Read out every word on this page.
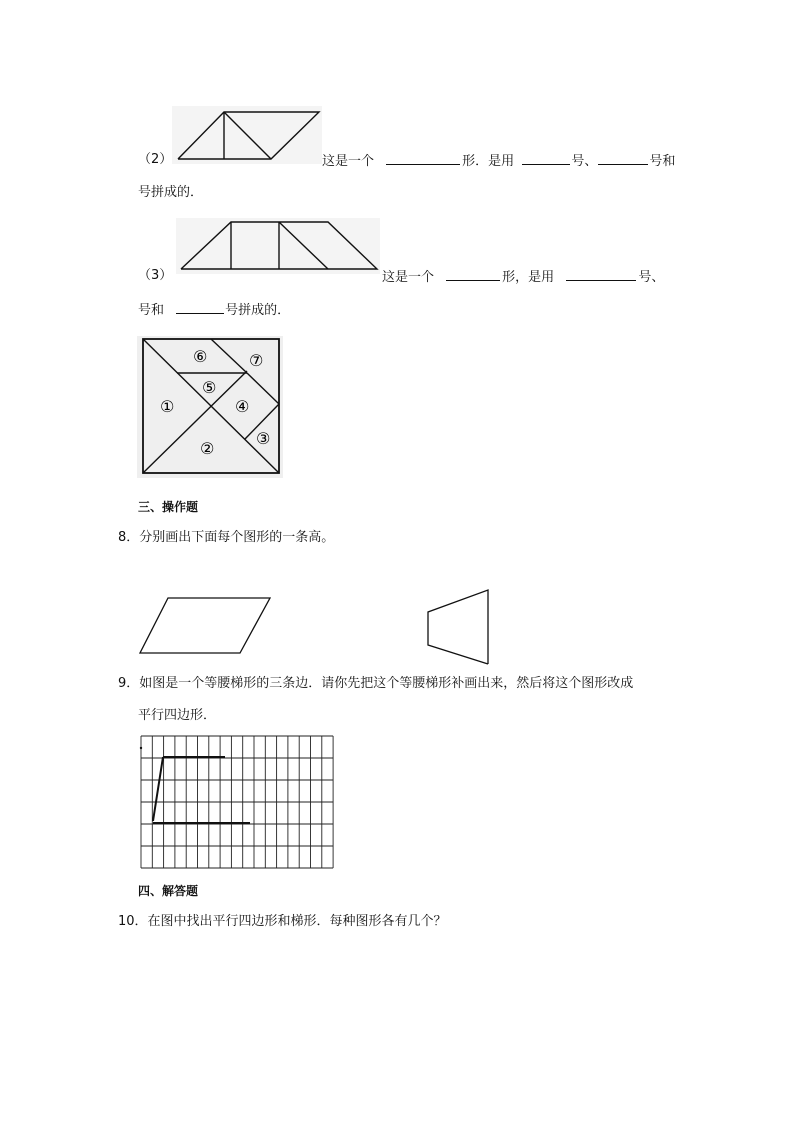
（2）	这是一个	形．是用	号、	号和
号拼成的．
（3）	这是一个	形，是用	号、
号和	号拼成的．
⑥	⑦
⑤
①	④
③
②
三、操作题
8．分别画出下面每个图形的一条高。
9．如图是一个等腰梯形的三条边．请你先把这个等腰梯形补画出来，然后将这个图形改成
平行四边形．
四、解答题
10．在图中找出平行四边形和梯形．每种图形各有几个？
